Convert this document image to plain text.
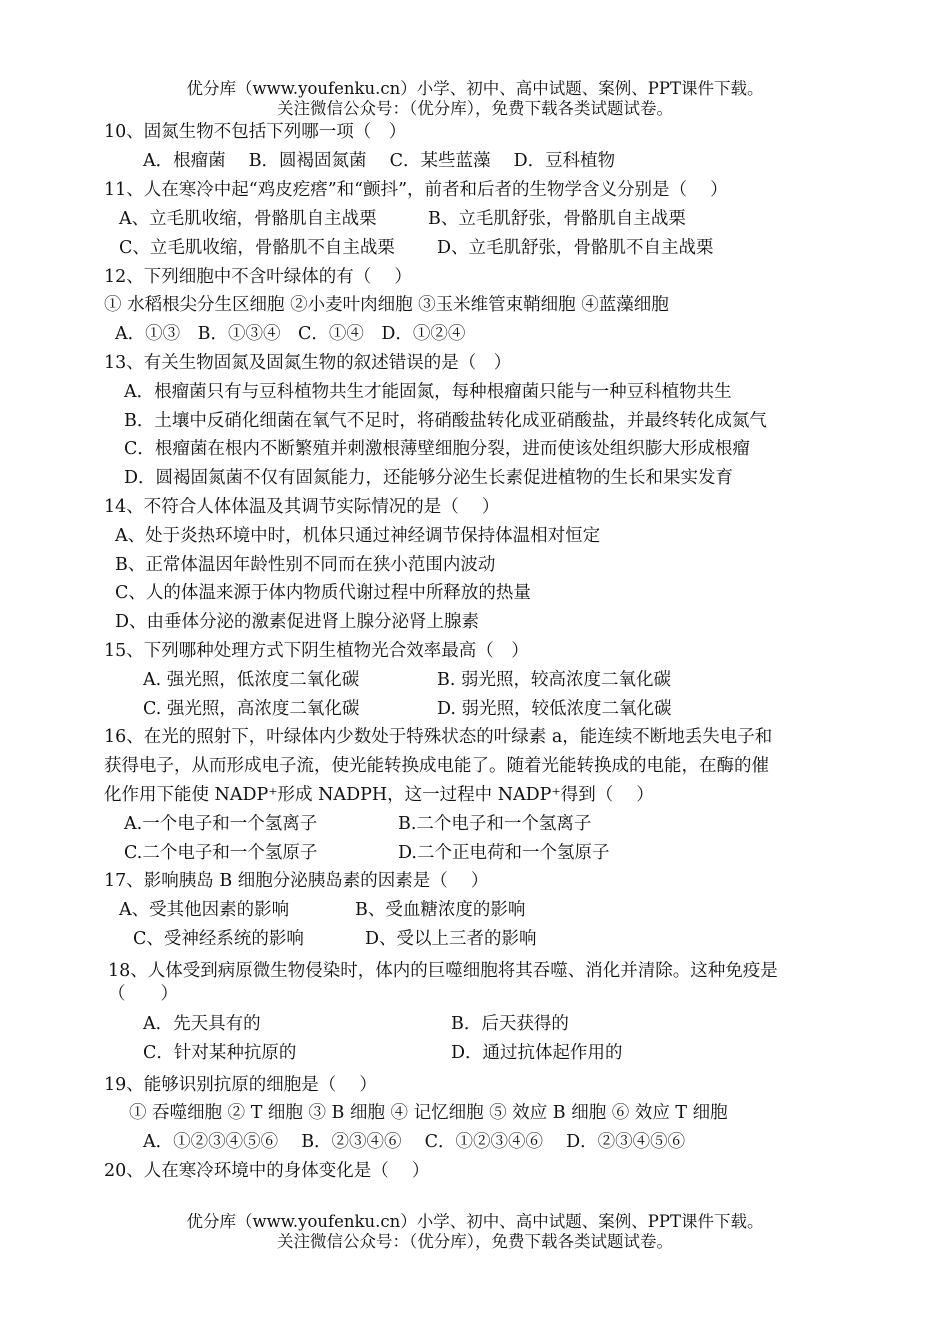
优分库（www.youfenku.cn）小学、初中、高中试题、案例、PPT课件下载。
关注微信公众号：（优分库），免费下载各类试题试卷。
10、固氮生物不包括下列哪一项（　）
A．根瘤菌　 B．圆褐固氮菌　 C．某些蓝藻　 D．豆科植物
11、人在寒冷中起“鸡皮疙瘩”和“颤抖”，前者和后者的生物学含义分别是（　 ）
A、立毛肌收缩，骨骼肌自主战栗	B、立毛肌舒张，骨骼肌自主战栗
C、立毛肌收缩，骨骼肌不自主战栗 D、立毛肌舒张，骨骼肌不自主战栗
12、下列细胞中不含叶绿体的有（　 ）
① 水稻根尖分生区细胞 ②小麦叶肉细胞 ③玉米维管束鞘细胞 ④蓝藻细胞
A．①③　B．①③④　C．①④　D．①②④
13、有关生物固氮及固氮生物的叙述错误的是（　）
A．根瘤菌只有与豆科植物共生才能固氮，每种根瘤菌只能与一种豆科植物共生
B．土壤中反硝化细菌在氧气不足时，将硝酸盐转化成亚硝酸盐，并最终转化成氮气
C．根瘤菌在根内不断繁殖并刺激根薄壁细胞分裂，进而使该处组织膨大形成根瘤
D．圆褐固氮菌不仅有固氮能力，还能够分泌生长素促进植物的生长和果实发育
14、不符合人体体温及其调节实际情况的是（　 ）
A、处于炎热环境中时，机体只通过神经调节保持体温相对恒定
B、正常体温因年龄性别不同而在狭小范围内波动
C、人的体温来源于体内物质代谢过程中所释放的热量
D、由垂体分泌的激素促进肾上腺分泌肾上腺素
15、下列哪种处理方式下阴生植物光合效率最高（　）
A. 强光照，低浓度二氧化碳	B. 弱光照，较高浓度二氧化碳
C. 强光照，高浓度二氧化碳	D. 弱光照，较低浓度二氧化碳
16、在光的照射下，叶绿体内少数处于特殊状态的叶绿素 a，能连续不断地丢失电子和
获得电子，从而形成电子流，使光能转换成电能了。随着光能转换成的电能，在酶的催
化作用下能使 NADP⁺形成 NADPH，这一过程中 NADP⁺得到（　 ）
A.一个电子和一个氢离子	B.二个电子和一个氢离子
C.二个电子和一个氢原子	D.二个正电荷和一个氢原子
17、影响胰岛 B 细胞分泌胰岛素的因素是（　 ）
A、受其他因素的影响	B、受血糖浓度的影响
C、受神经系统的影响	D、受以上三者的影响
18、人体受到病原微生物侵染时，体内的巨噬细胞将其吞噬、消化并清除。这种免疫是
（　　）
A．先天具有的	B．后天获得的
C．针对某种抗原的	D．通过抗体起作用的
19、能够识别抗原的细胞是（　 ）
① 吞噬细胞 ② T 细胞 ③ B 细胞 ④ 记忆细胞 ⑤ 效应 B 细胞 ⑥ 效应 T 细胞
A．①②③④⑤⑥　 B．②③④⑥　 C．①②③④⑥　 D．②③④⑤⑥
20、人在寒冷环境中的身体变化是（　 ）
优分库（www.youfenku.cn）小学、初中、高中试题、案例、PPT课件下载。
关注微信公众号：（优分库），免费下载各类试题试卷。
